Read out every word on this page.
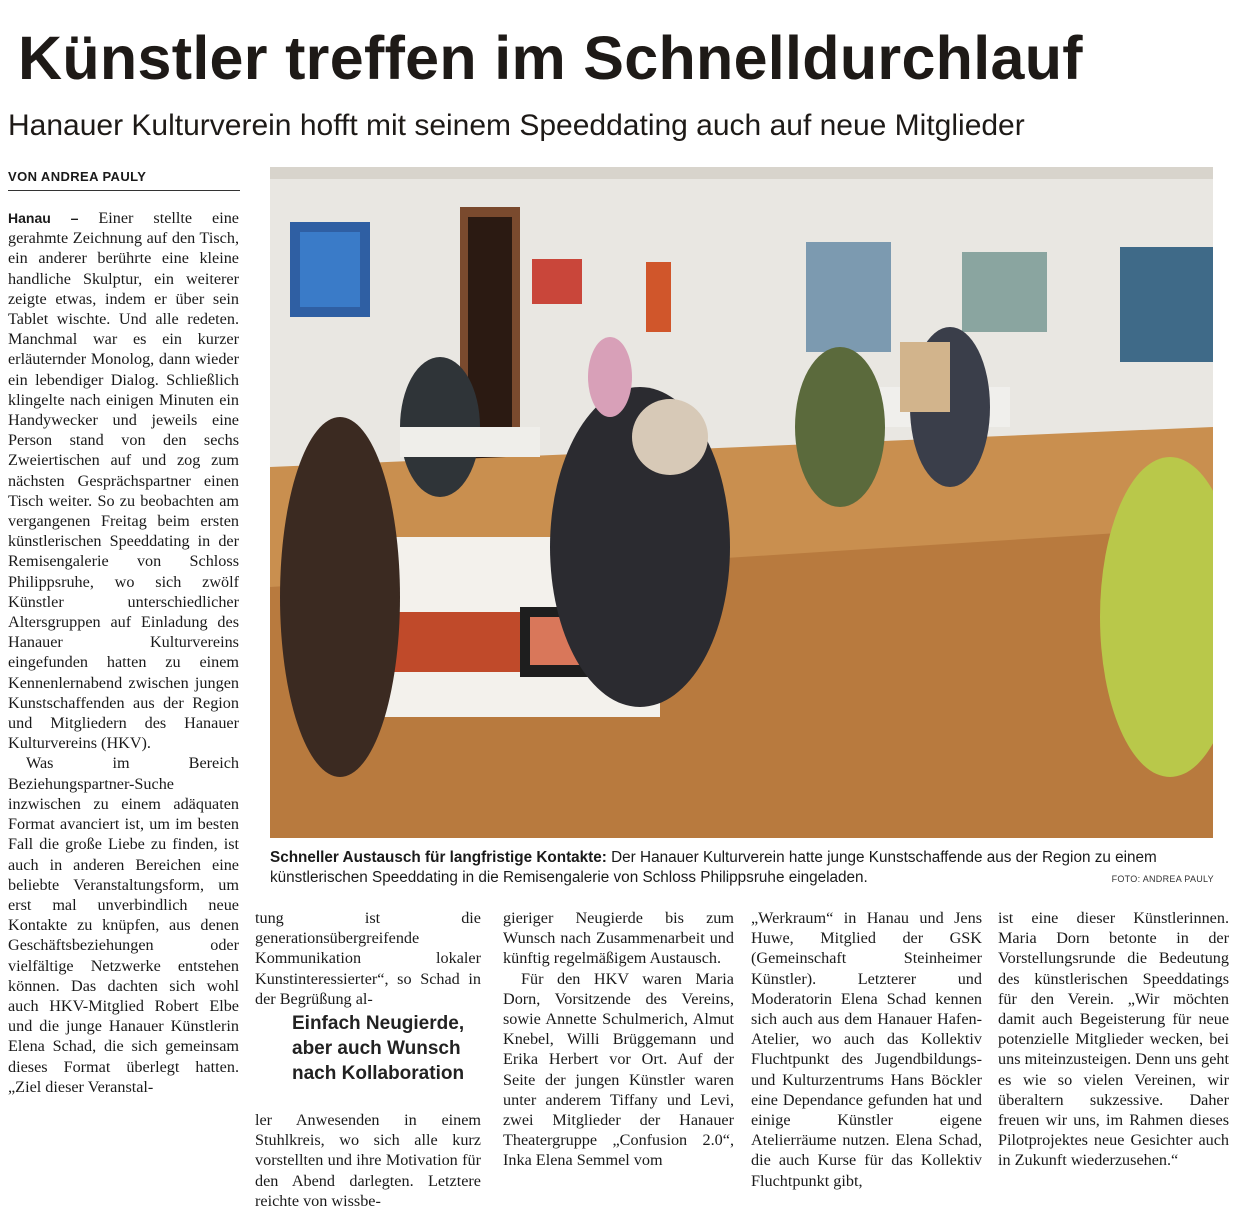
Künstler treffen im Schnelldurchlauf
Hanauer Kulturverein hofft mit seinem Speeddating auch auf neue Mitglieder
VON ANDREA PAULY

Hanau – Einer stellte eine gerahmte Zeichnung auf den Tisch, ein anderer berührte eine kleine handliche Skulptur, ein weiterer zeigte etwas, indem er über sein Tablet wischte. Und alle redeten. Manchmal war es ein kurzer erläuternder Monolog, dann wieder ein lebendiger Dialog. Schließlich klingelte nach einigen Minuten ein Handywecker und jeweils eine Person stand von den sechs Zweiertischen auf und zog zum nächsten Gesprächspartner einen Tisch weiter. So zu beobachten am vergangenen Freitag beim ersten künstlerischen Speeddating in der Remisengalerie von Schloss Philippsruhe, wo sich zwölf Künstler unterschiedlicher Altersgruppen auf Einladung des Hanauer Kulturvereins eingefunden hatten zu einem Kennenlernabend zwischen jungen Kunstschaffenden aus der Region und Mitgliedern des Hanauer Kulturvereins (HKV).

Was im Bereich Beziehungspartner-Suche inzwischen zu einem adäquaten Format avanciert ist, um im besten Fall die große Liebe zu finden, ist auch in anderen Bereichen eine beliebte Veranstaltungsform, um erst mal unverbindlich neue Kontakte zu knüpfen, aus denen Geschäftsbeziehungen oder vielfältige Netzwerke entstehen können. Das dachten sich wohl auch HKV-Mitglied Robert Elbe und die junge Hanauer Künstlerin Elena Schad, die sich gemeinsam dieses Format überlegt hatten. „Ziel dieser Veranstal-

Schneller Austausch für langfristige Kontakte: Der Hanauer Kulturverein hatte junge Kunstschaffende aus der Region zu einem künstlerischen Speeddating in die Remisengalerie von Schloss Philippsruhe eingeladen.	FOTO: ANDREA PAULY

tung ist die generationsübergreifende Kommunikation lokaler Kunstinteressierter“, so Schad in der Begrüßung al-

Einfach Neugierde, aber auch Wunsch nach Kollaboration

ler Anwesenden in einem Stuhlkreis, wo sich alle kurz vorstellten und ihre Motivation für den Abend darlegten. Letztere reichte von wissbe-

gieriger Neugierde bis zum Wunsch nach Zusammenarbeit und künftig regelmäßigem Austausch.

Für den HKV waren Maria Dorn, Vorsitzende des Vereins, sowie Annette Schulmerich, Almut Knebel, Willi Brüggemann und Erika Herbert vor Ort. Auf der Seite der jungen Künstler waren unter anderem Tiffany und Levi, zwei Mitglieder der Hanauer Theatergruppe „Confusion 2.0“, Inka Elena Semmel vom

„Werkraum“ in Hanau und Jens Huwe, Mitglied der GSK (Gemeinschaft Steinheimer Künstler). Letzterer und Moderatorin Elena Schad kennen sich auch aus dem Hanauer Hafen-Atelier, wo auch das Kollektiv Fluchtpunkt des Jugendbildungs- und Kulturzentrums Hans Böckler eine Dependance gefunden hat und einige Künstler eigene Atelierräume nutzen. Elena Schad, die auch Kurse für das Kollektiv Fluchtpunkt gibt,

ist eine dieser Künstlerinnen. Maria Dorn betonte in der Vorstellungsrunde die Bedeutung des künstlerischen Speeddatings für den Verein. „Wir möchten damit auch Begeisterung für neue potenzielle Mitglieder wecken, bei uns miteinzusteigen. Denn uns geht es wie so vielen Vereinen, wir überaltern sukzessive. Daher freuen wir uns, im Rahmen dieses Pilotprojektes neue Gesichter auch in Zukunft wiederzusehen.“
